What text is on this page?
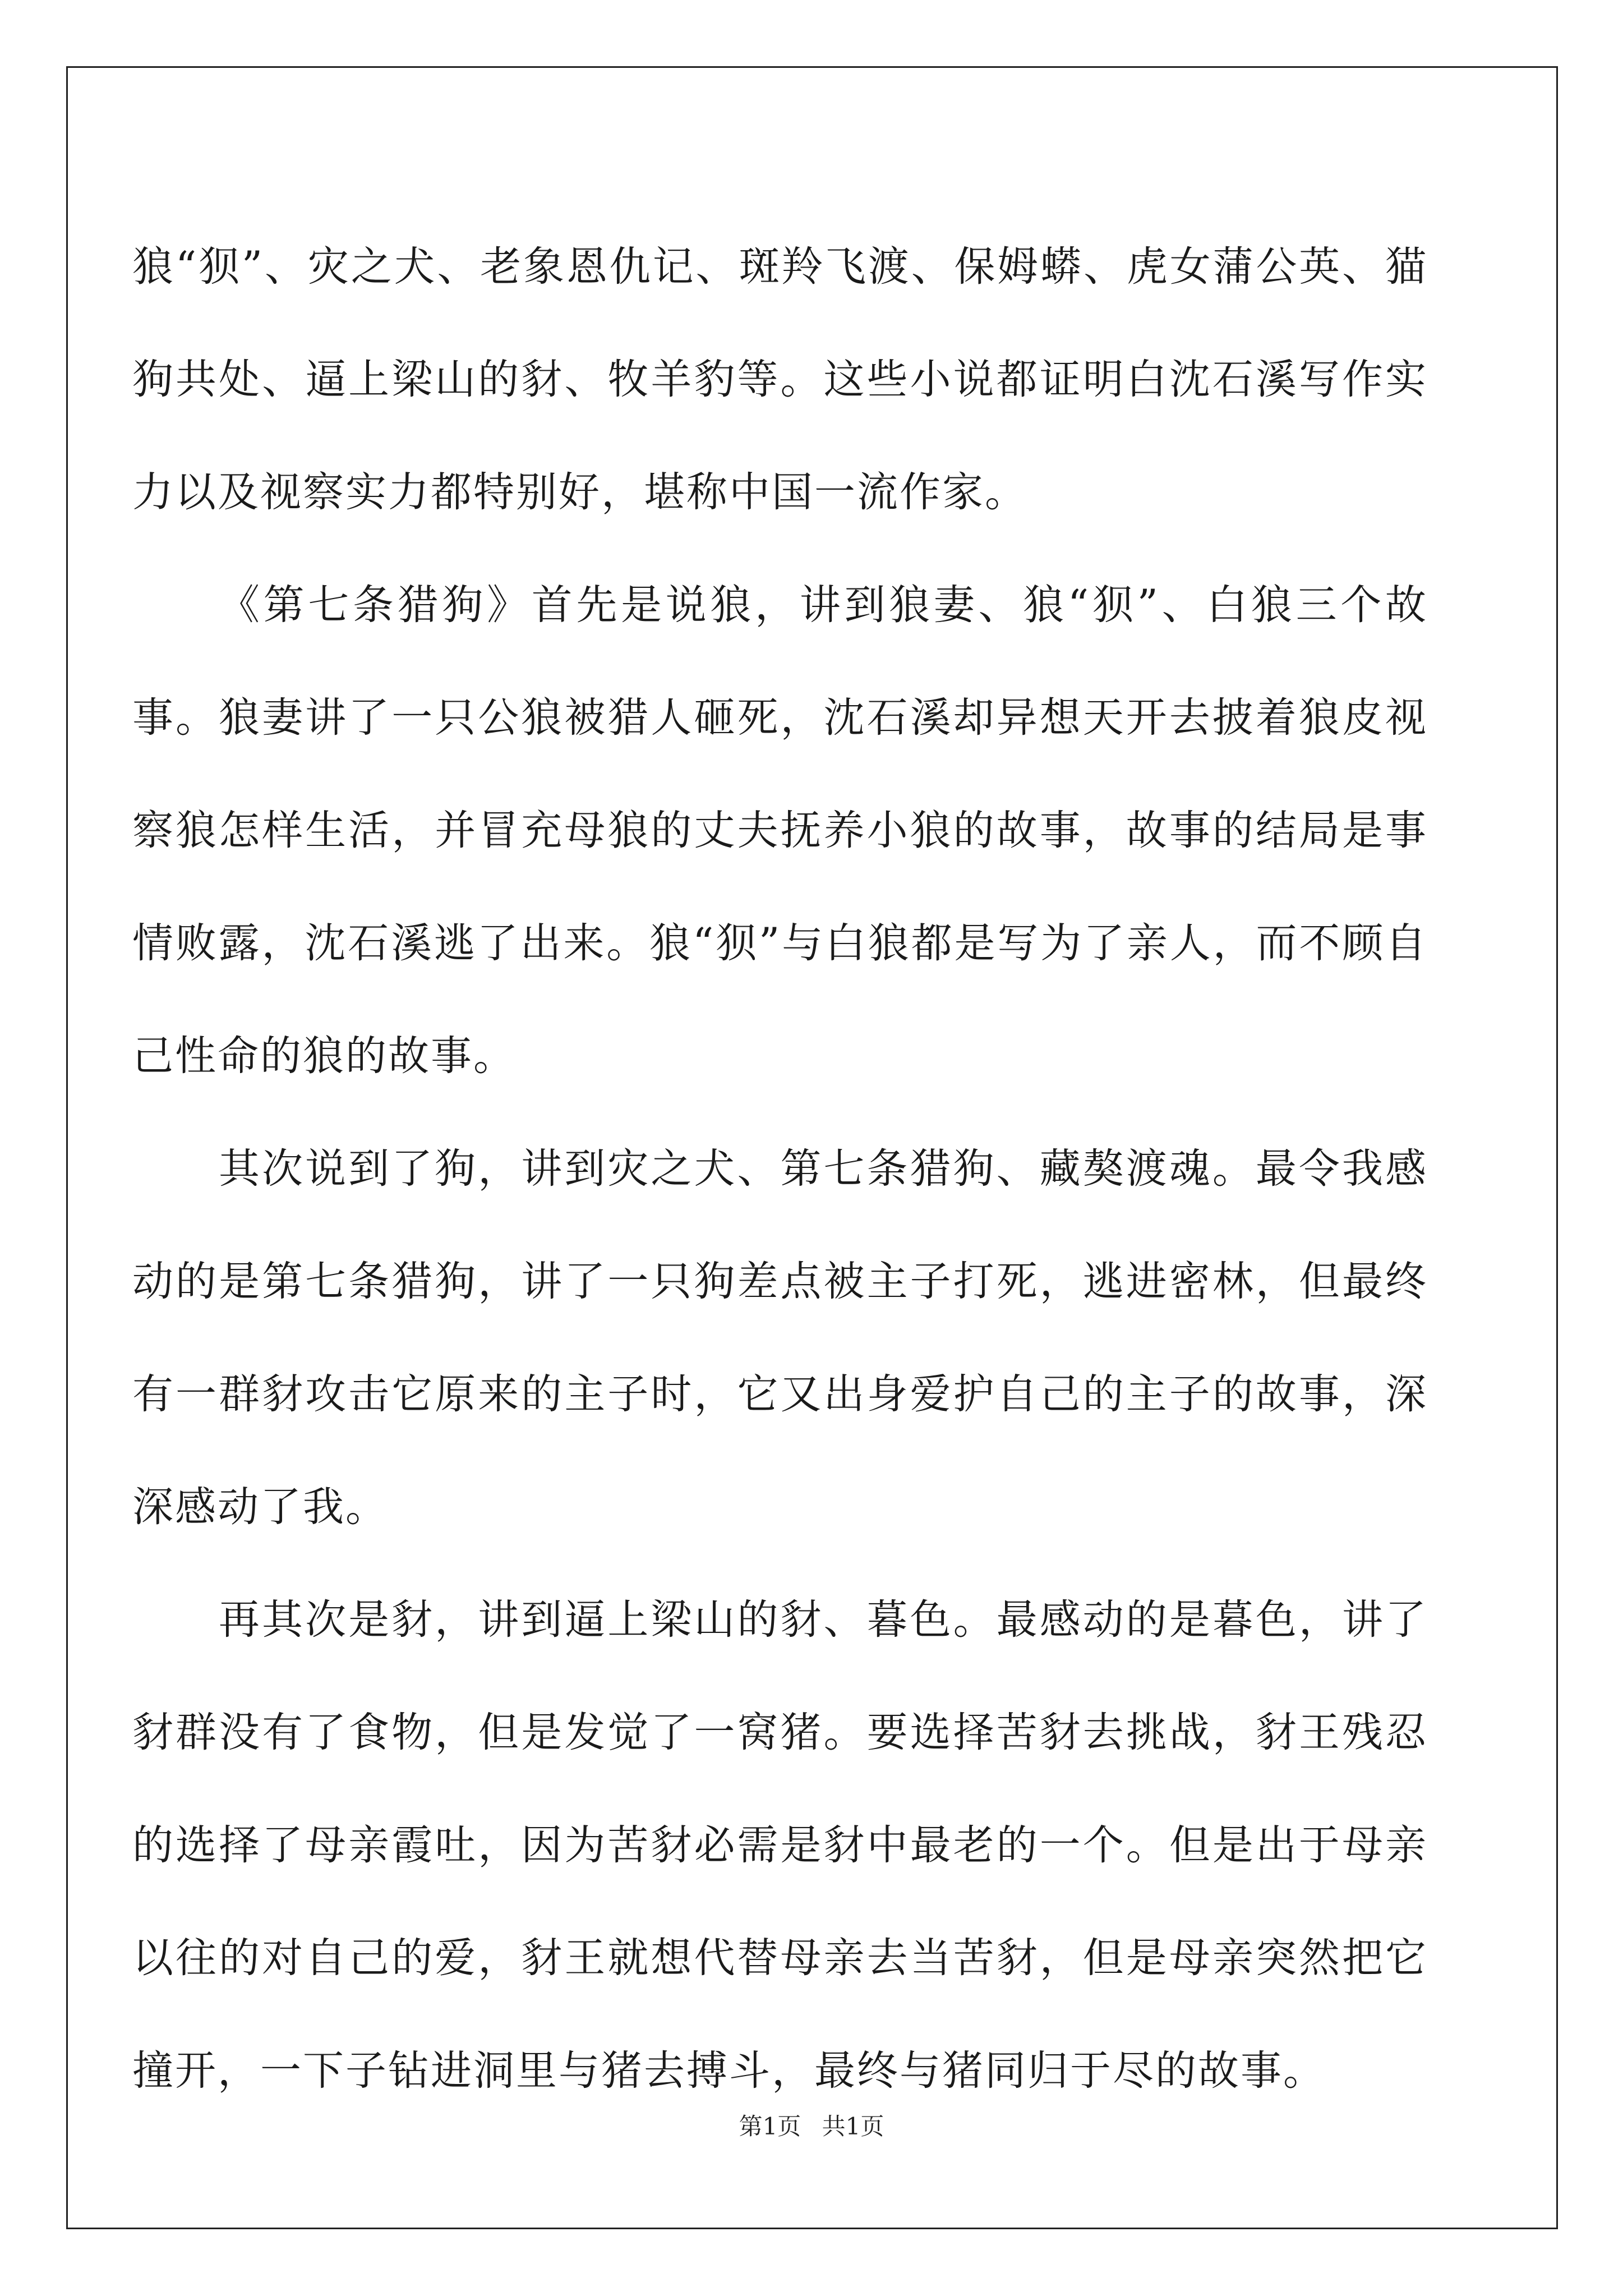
狼“狈”、灾之犬、老象恩仇记、斑羚飞渡、保姆蟒、虎女蒲公英、猫狗共处、逼上梁山的豺、牧羊豹等。这些小说都证明白沈石溪写作实力以及视察实力都特别好，堪称中国一流作家。

《第七条猎狗》首先是说狼，讲到狼妻、狼“狈”、白狼三个故事。狼妻讲了一只公狼被猎人砸死，沈石溪却异想天开去披着狼皮视察狼怎样生活，并冒充母狼的丈夫抚养小狼的故事，故事的结局是事情败露，沈石溪逃了出来。狼“狈”与白狼都是写为了亲人，而不顾自己性命的狼的故事。

其次说到了狗，讲到灾之犬、第七条猎狗、藏獒渡魂。最令我感动的是第七条猎狗，讲了一只狗差点被主子打死，逃进密林，但最终有一群豺攻击它原来的主子时，它又出身爱护自己的主子的故事，深深感动了我。

再其次是豺，讲到逼上梁山的豺、暮色。最感动的是暮色，讲了豺群没有了食物，但是发觉了一窝猪。要选择苦豺去挑战，豺王残忍的选择了母亲霞吐，因为苦豺必需是豺中最老的一个。但是出于母亲以往的对自己的爱，豺王就想代替母亲去当苦豺，但是母亲突然把它撞开，一下子钻进洞里与猪去搏斗，最终与猪同归于尽的故事。

第1页 共1页
